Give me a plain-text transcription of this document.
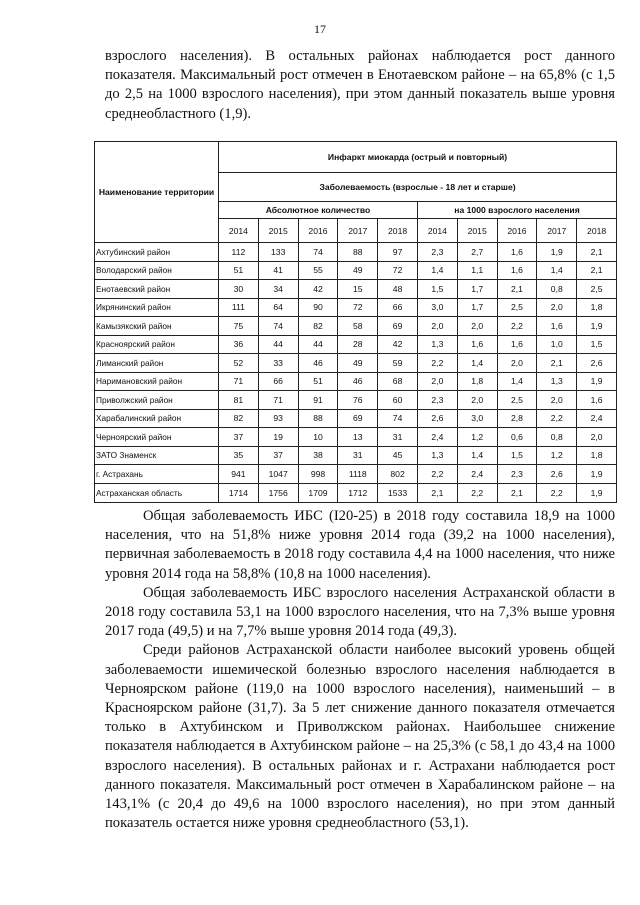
17

взрослого населения). В остальных районах наблюдается рост данного показателя. Максимальный рост отмечен в Енотаевском районе – на 65,8% (с 1,5 до 2,5 на 1000 взрослого населения), при этом данный показатель выше уровня среднеобластного (1,9).

Наименование территории	Инфаркт миокарда (острый и повторный)									
	Заболеваемость (взрослые - 18 лет и старше)									
	Абсолютное количество					на 1000 взрослого населения				
	2014	2015	2016	2017	2018	2014	2015	2016	2017	2018
Ахтубинский район	112	133	74	88	97	2,3	2,7	1,6	1,9	2,1
Володарский район	51	41	55	49	72	1,4	1,1	1,6	1,4	2,1
Енотаевский район	30	34	42	15	48	1,5	1,7	2,1	0,8	2,5
Икрянинский район	111	64	90	72	66	3,0	1,7	2,5	2,0	1,8
Камызякский район	75	74	82	58	69	2,0	2,0	2,2	1,6	1,9
Красноярский район	36	44	44	28	42	1,3	1,6	1,6	1,0	1,5
Лиманский район	52	33	46	49	59	2,2	1,4	2,0	2,1	2,6
Наримановский район	71	66	51	46	68	2,0	1,8	1,4	1,3	1,9
Приволжский район	81	71	91	76	60	2,3	2,0	2,5	2,0	1,6
Харабалинский район	82	93	88	69	74	2,6	3,0	2,8	2,2	2,4
Черноярский район	37	19	10	13	31	2,4	1,2	0,6	0,8	2,0
ЗАТО Знаменск	35	37	38	31	45	1,3	1,4	1,5	1,2	1,8
г. Астрахань	941	1047	998	1118	802	2,2	2,4	2,3	2,6	1,9
Астраханская область	1714	1756	1709	1712	1533	2,1	2,2	2,1	2,2	1,9

Общая заболеваемость ИБС (I20-25) в 2018 году составила 18,9 на 1000 населения, что на 51,8% ниже уровня 2014 года (39,2 на 1000 населения), первичная заболеваемость в 2018 году составила 4,4 на 1000 населения, что ниже уровня 2014 года на 58,8% (10,8 на 1000 населения).

Общая заболеваемость ИБС взрослого населения Астраханской области в 2018 году составила 53,1 на 1000 взрослого населения, что на 7,3% выше уровня 2017 года (49,5) и на 7,7% выше уровня 2014 года (49,3).

Среди районов Астраханской области наиболее высокий уровень общей заболеваемости ишемической болезнью взрослого населения наблюдается в Черноярском районе (119,0 на 1000 взрослого населения), наименьший – в Красноярском районе (31,7). За 5 лет снижение данного показателя отмечается только в Ахтубинском и Приволжском районах. Наибольшее снижение показателя наблюдается в Ахтубинском районе – на 25,3% (с 58,1 до 43,4 на 1000 взрослого населения). В остальных районах и г. Астрахани наблюдается рост данного показателя. Максимальный рост отмечен в Харабалинском районе – на 143,1% (с 20,4 до 49,6 на 1000 взрослого населения), но при этом данный показатель остается ниже уровня среднеобластного (53,1).
